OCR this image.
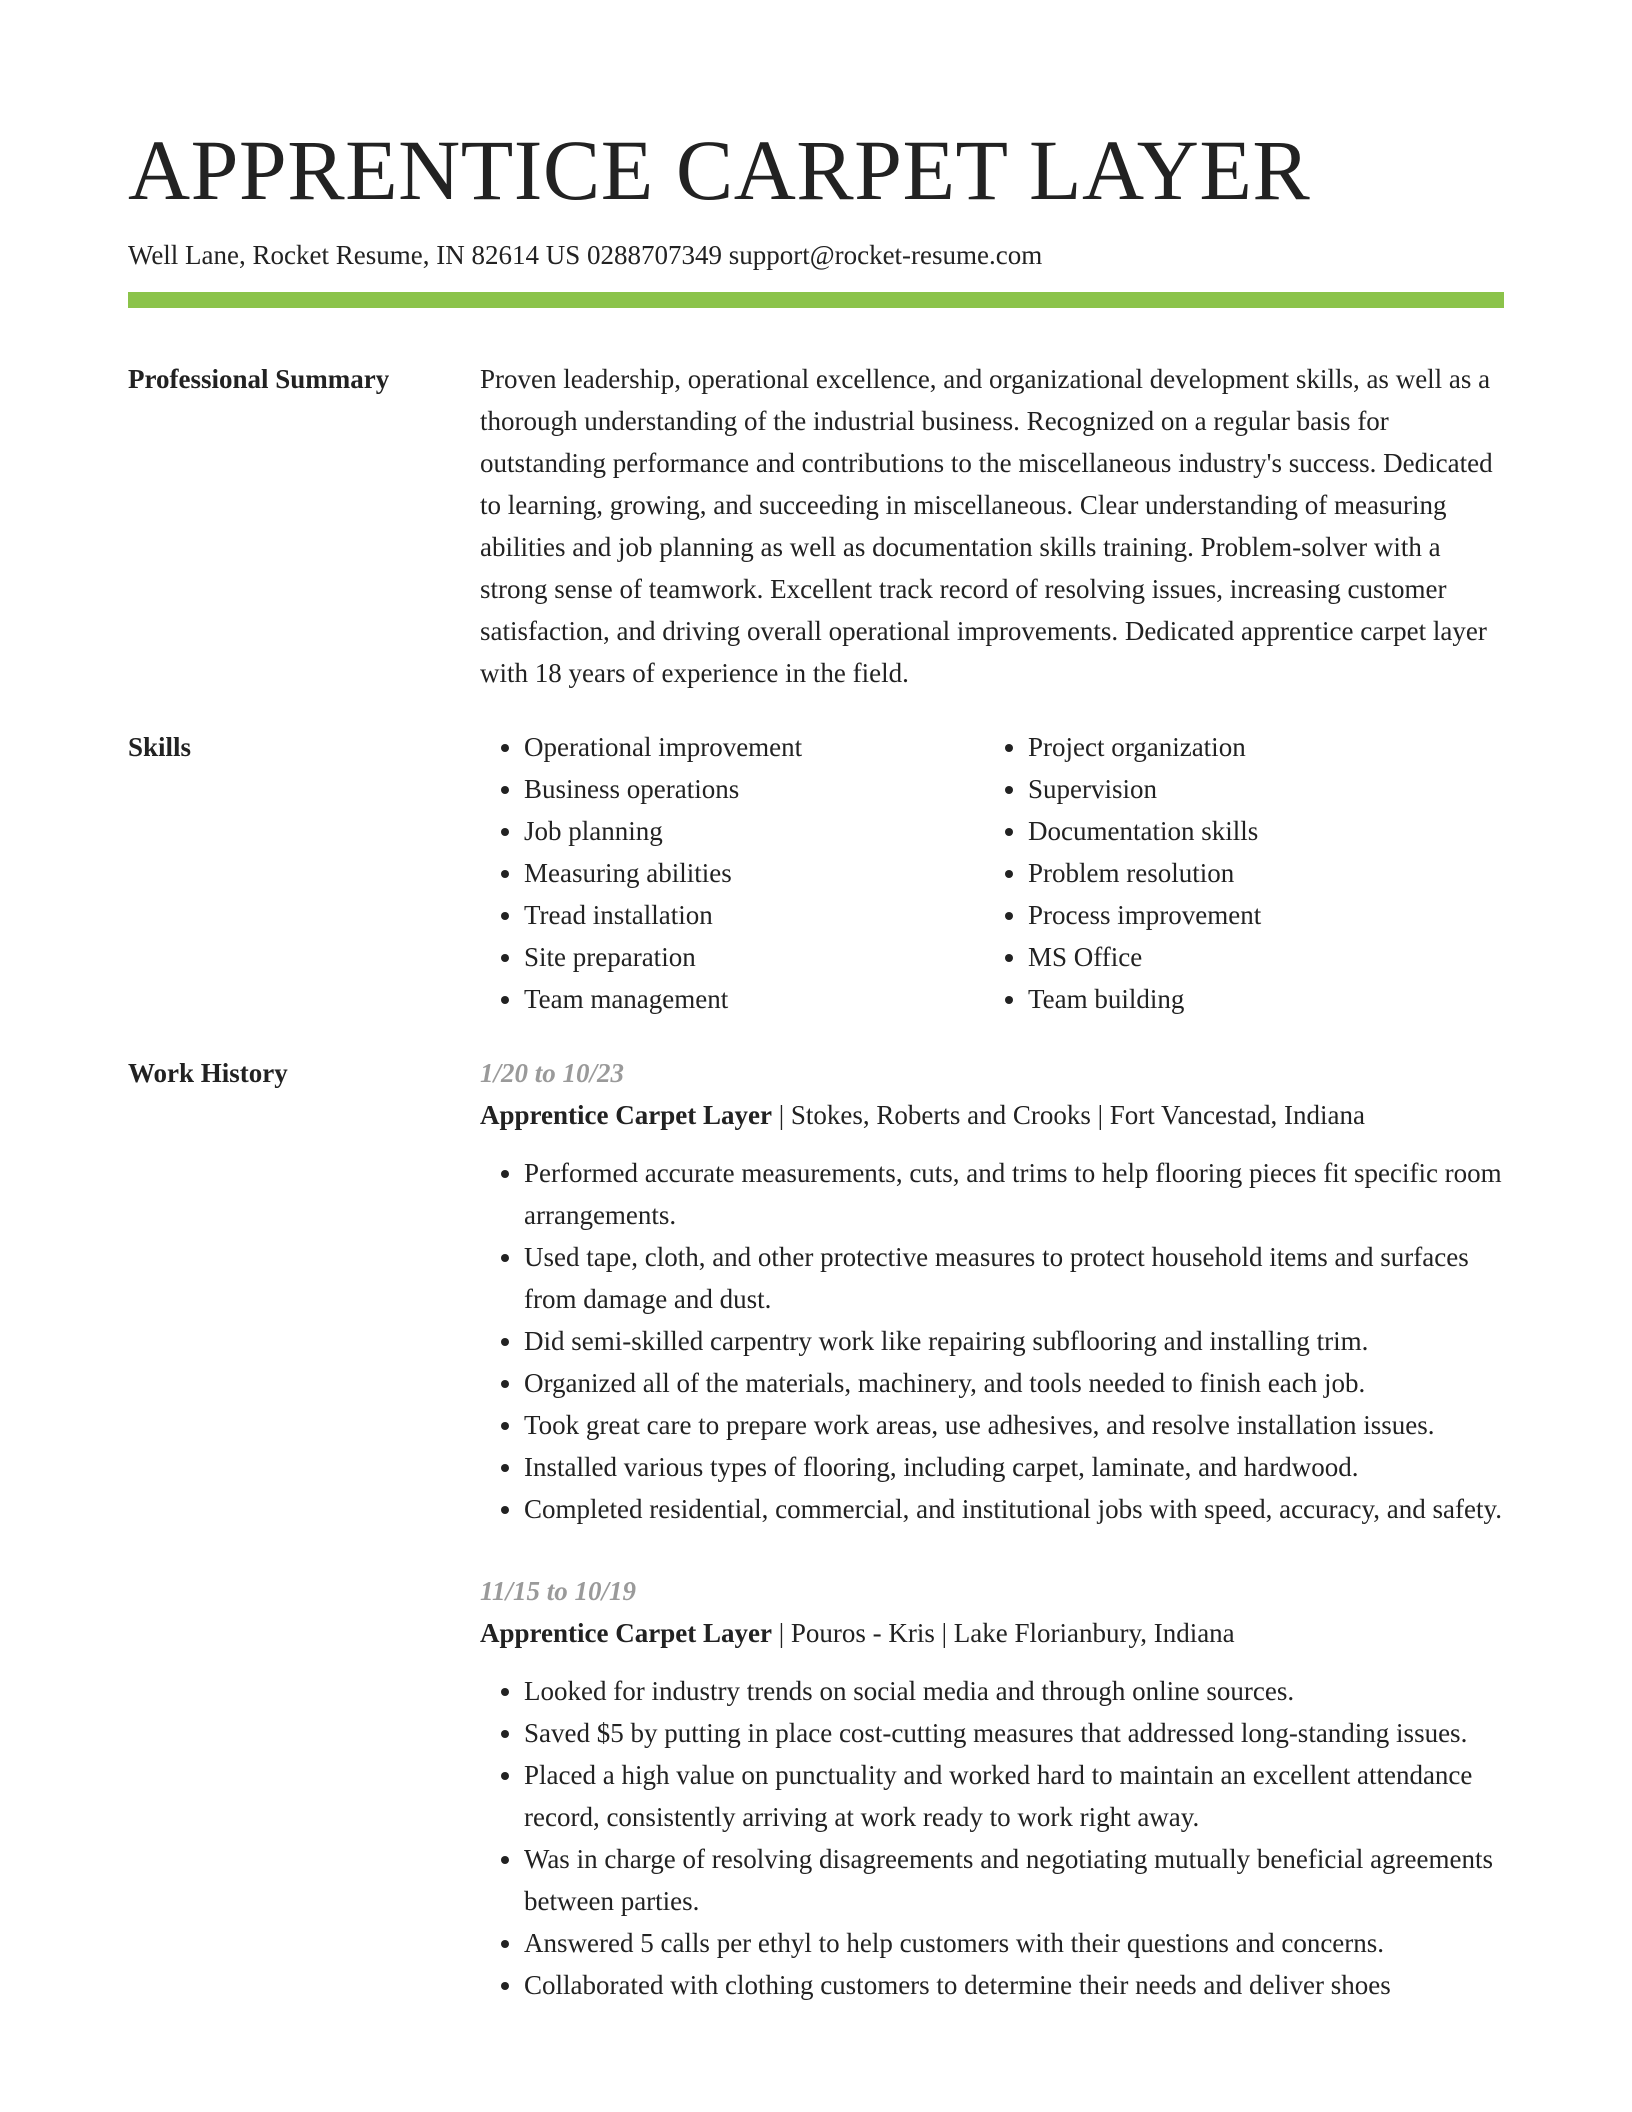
APPRENTICE CARPET LAYER
Well Lane, Rocket Resume, IN 82614 US 0288707349 support@rocket-resume.com
Professional Summary	Proven leadership, operational excellence, and organizational development skills, as well as a thorough understanding of the industrial business. Recognized on a regular basis for outstanding performance and contributions to the miscellaneous industry's success. Dedicated to learning, growing, and succeeding in miscellaneous. Clear understanding of measuring abilities and job planning as well as documentation skills training. Problem-solver with a strong sense of teamwork. Excellent track record of resolving issues, increasing customer satisfaction, and driving overall operational improvements. Dedicated apprentice carpet layer with 18 years of experience in the field.

Skills
•	Operational improvement
• Business operations
• Job planning
• Measuring abilities
• Tread installation
• Site preparation
• Team management
• Project organization
• Supervision
• Documentation skills
• Problem resolution
• Process improvement
• MS Office
• Team building
Work History	1/20 to 10/23
Apprentice Carpet Layer | Stokes, Roberts and Crooks | Fort Vancestad, Indiana
• Performed accurate measurements, cuts, and trims to help flooring pieces fit specific room arrangements.
• Used tape, cloth, and other protective measures to protect household items and surfaces from damage and dust.
• Did semi-skilled carpentry work like repairing subflooring and installing trim.
• Organized all of the materials, machinery, and tools needed to finish each job.
• Took great care to prepare work areas, use adhesives, and resolve installation issues.
• Installed various types of flooring, including carpet, laminate, and hardwood.
• Completed residential, commercial, and institutional jobs with speed, accuracy, and safety.
11/15 to 10/19
Apprentice Carpet Layer | Pouros - Kris | Lake Florianbury, Indiana
• Looked for industry trends on social media and through online sources.
• Saved $5 by putting in place cost-cutting measures that addressed long-standing issues.
• Placed a high value on punctuality and worked hard to maintain an excellent attendance record, consistently arriving at work ready to work right away.
• Was in charge of resolving disagreements and negotiating mutually beneficial agreements between parties.
• Answered 5 calls per ethyl to help customers with their questions and concerns.
• Collaborated with clothing customers to determine their needs and deliver shoes
